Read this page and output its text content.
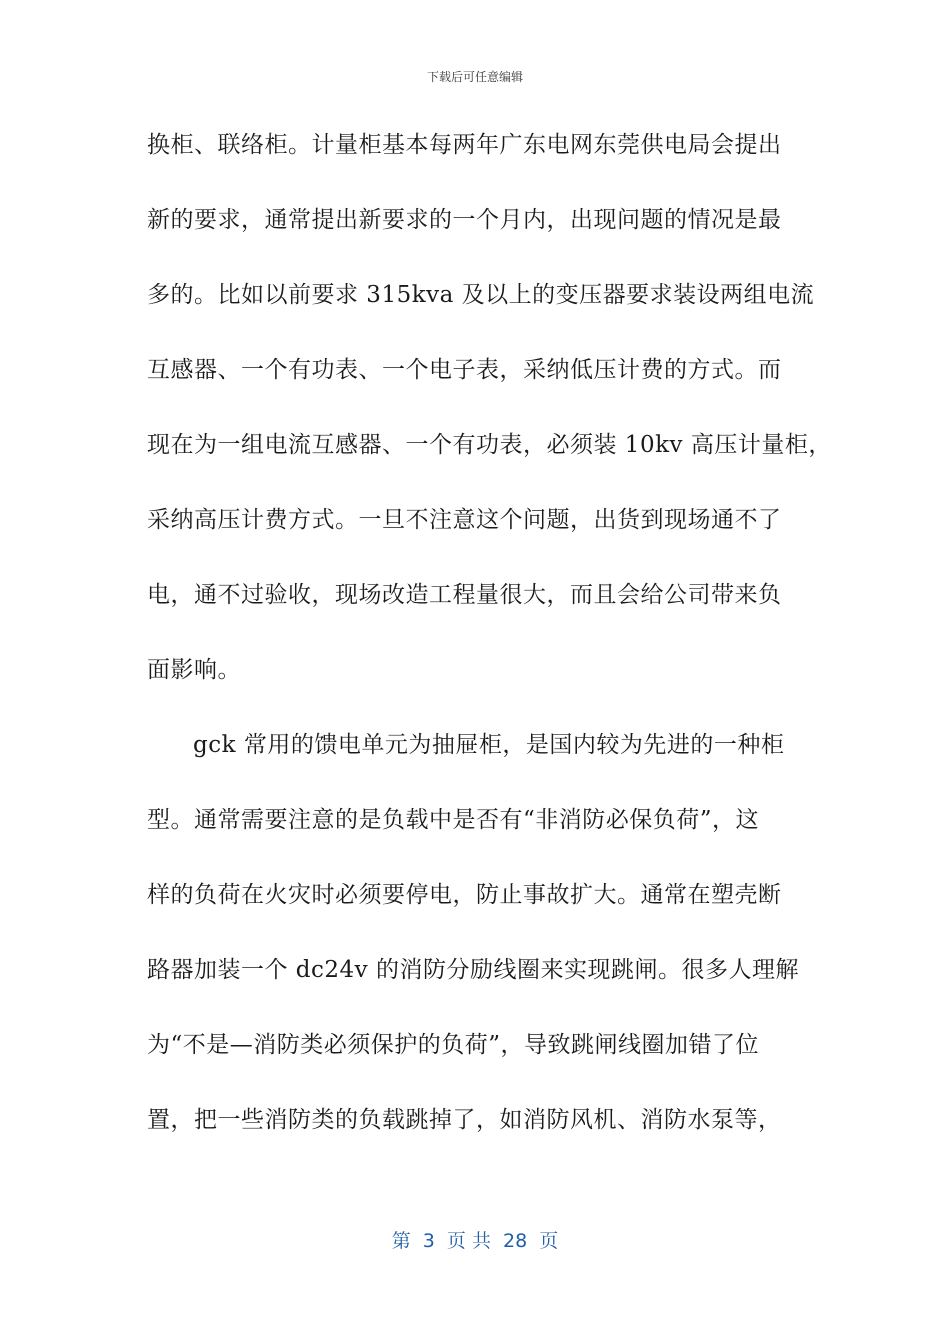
下载后可任意编辑
换柜、联络柜。计量柜基本每两年广东电网东莞供电局会提出
新的要求，通常提出新要求的一个月内，出现问题的情况是最
多的。比如以前要求 315kva 及以上的变压器要求装设两组电流
互感器、一个有功表、一个电子表，采纳低压计费的方式。而
现在为一组电流互感器、一个有功表，必须装 10kv 高压计量柜，
采纳高压计费方式。一旦不注意这个问题，出货到现场通不了
电，通不过验收，现场改造工程量很大，而且会给公司带来负
面影响。
gck 常用的馈电单元为抽屉柜，是国内较为先进的一种柜
型。通常需要注意的是负载中是否有“非消防必保负荷”，这
样的负荷在火灾时必须要停电，防止事故扩大。通常在塑壳断
路器加装一个 dc24v 的消防分励线圈来实现跳闸。很多人理解
为“不是—消防类必须保护的负荷”，导致跳闸线圈加错了位
置，把一些消防类的负载跳掉了，如消防风机、消防水泵等，
第  3  页 共  28  页
